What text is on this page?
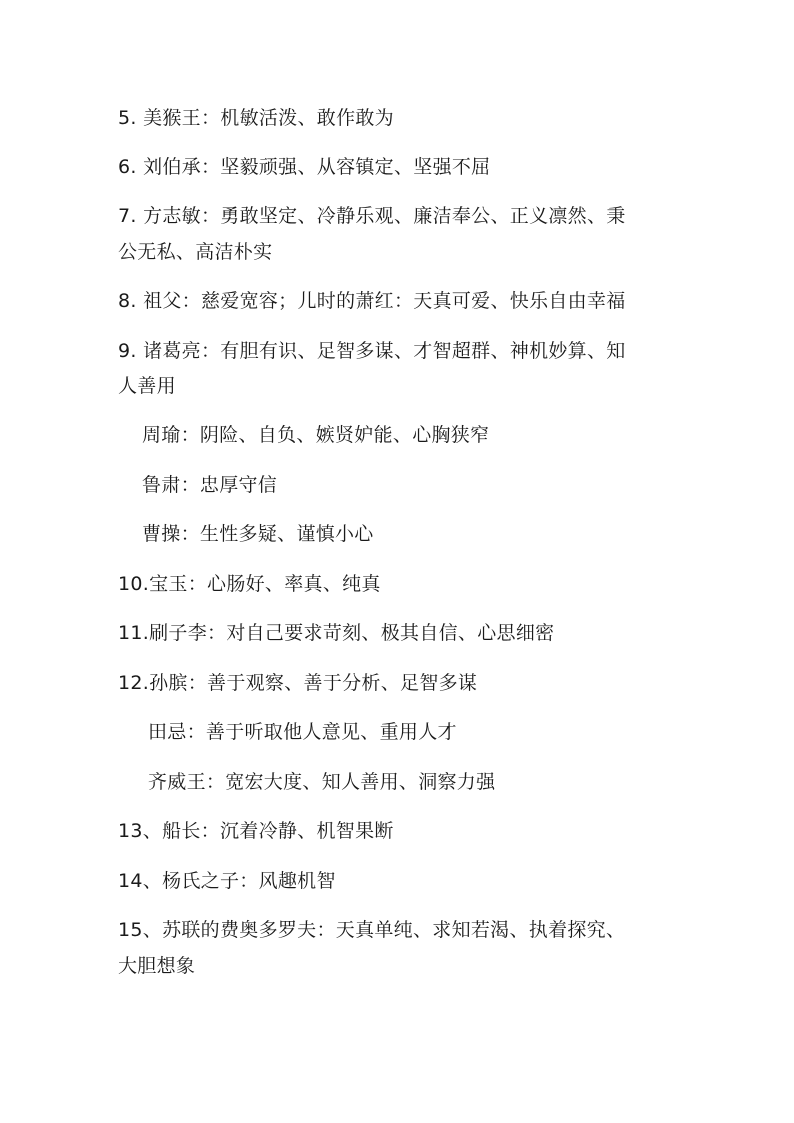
5. 美猴王：机敏活泼、敢作敢为
6. 刘伯承：坚毅顽强、从容镇定、坚强不屈
7. 方志敏：勇敢坚定、冷静乐观、廉洁奉公、正义凛然、秉
公无私、高洁朴实
8. 祖父：慈爱宽容；儿时的萧红：天真可爱、快乐自由幸福
9. 诸葛亮：有胆有识、足智多谋、才智超群、神机妙算、知
人善用
周瑜：阴险、自负、嫉贤妒能、心胸狭窄
鲁肃：忠厚守信
曹操：生性多疑、谨慎小心
10.宝玉：心肠好、率真、纯真
11.刷子李：对自己要求苛刻、极其自信、心思细密
12.孙膑：善于观察、善于分析、足智多谋
田忌：善于听取他人意见、重用人才
齐威王：宽宏大度、知人善用、洞察力强
13、船长：沉着冷静、机智果断
14、杨氏之子：风趣机智
15、苏联的费奥多罗夫：天真单纯、求知若渴、执着探究、
大胆想象
